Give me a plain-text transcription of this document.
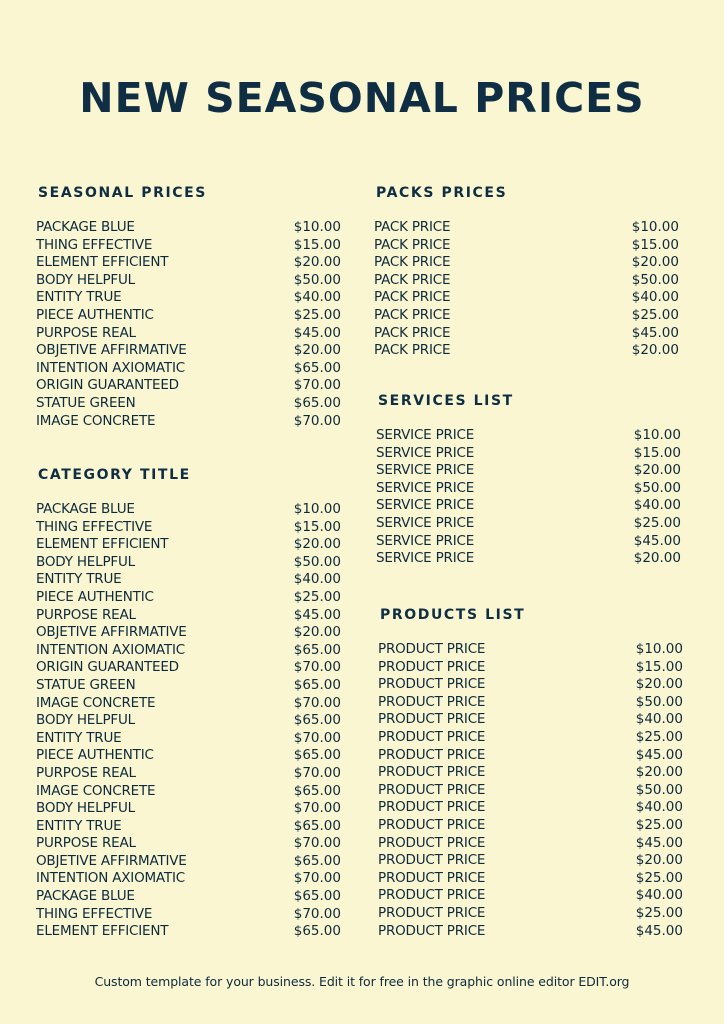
NEW SEASONAL PRICES
SEASONAL PRICES
PACKAGE BLUE	$10.00
THING EFFECTIVE	$15.00
ELEMENT EFFICIENT	$20.00
BODY HELPFUL	$50.00
ENTITY TRUE	$40.00
PIECE AUTHENTIC	$25.00
PURPOSE REAL	$45.00
OBJETIVE AFFIRMATIVE	$20.00
INTENTION AXIOMATIC	$65.00
ORIGIN GUARANTEED	$70.00
STATUE GREEN	$65.00
IMAGE CONCRETE	$70.00
CATEGORY TITLE
PACKAGE BLUE	$10.00
THING EFFECTIVE	$15.00
ELEMENT EFFICIENT	$20.00
BODY HELPFUL	$50.00
ENTITY TRUE	$40.00
PIECE AUTHENTIC	$25.00
PURPOSE REAL	$45.00
OBJETIVE AFFIRMATIVE	$20.00
INTENTION AXIOMATIC	$65.00
ORIGIN GUARANTEED	$70.00
STATUE GREEN	$65.00
IMAGE CONCRETE	$70.00
BODY HELPFUL	$65.00
ENTITY TRUE	$70.00
PIECE AUTHENTIC	$65.00
PURPOSE REAL	$70.00
IMAGE CONCRETE	$65.00
BODY HELPFUL	$70.00
ENTITY TRUE	$65.00
PURPOSE REAL	$70.00
OBJETIVE AFFIRMATIVE	$65.00
INTENTION AXIOMATIC	$70.00
PACKAGE BLUE	$65.00
THING EFFECTIVE	$70.00
ELEMENT EFFICIENT	$65.00
PACKS PRICES
PACK PRICE	$10.00
PACK PRICE	$15.00
PACK PRICE	$20.00
PACK PRICE	$50.00
PACK PRICE	$40.00
PACK PRICE	$25.00
PACK PRICE	$45.00
PACK PRICE	$20.00
SERVICES LIST
SERVICE PRICE	$10.00
SERVICE PRICE	$15.00
SERVICE PRICE	$20.00
SERVICE PRICE	$50.00
SERVICE PRICE	$40.00
SERVICE PRICE	$25.00
SERVICE PRICE	$45.00
SERVICE PRICE	$20.00
PRODUCTS LIST
PRODUCT PRICE	$10.00
PRODUCT PRICE	$15.00
PRODUCT PRICE	$20.00
PRODUCT PRICE	$50.00
PRODUCT PRICE	$40.00
PRODUCT PRICE	$25.00
PRODUCT PRICE	$45.00
PRODUCT PRICE	$20.00
PRODUCT PRICE	$50.00
PRODUCT PRICE	$40.00
PRODUCT PRICE	$25.00
PRODUCT PRICE	$45.00
PRODUCT PRICE	$20.00
PRODUCT PRICE	$25.00
PRODUCT PRICE	$40.00
PRODUCT PRICE	$25.00
PRODUCT PRICE	$45.00
Custom template for your business. Edit it for free in the graphic online editor EDIT.org
